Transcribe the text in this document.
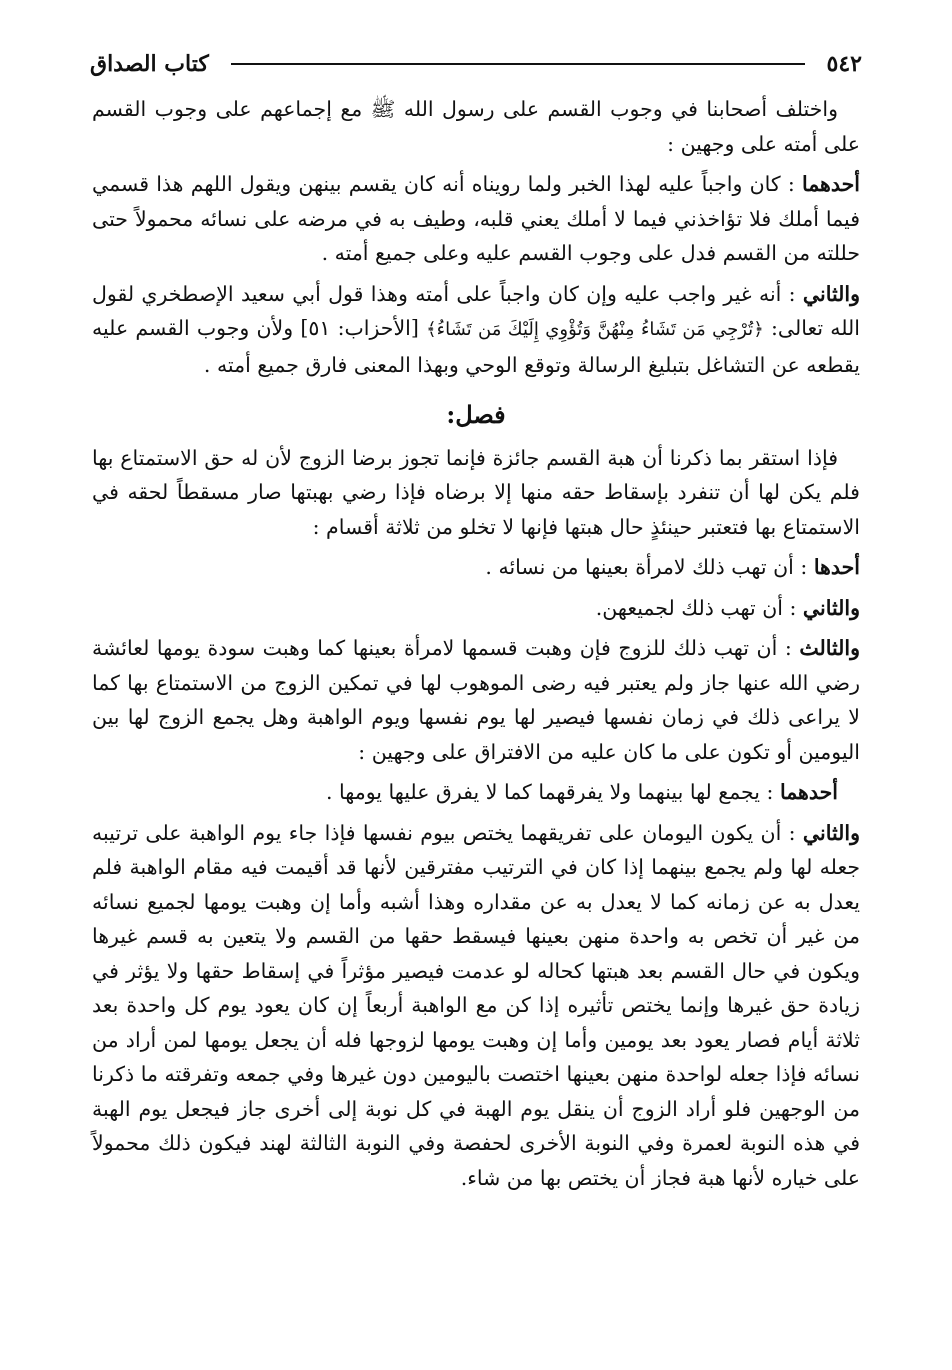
٥٤٢
كتاب الصداق

واختلف أصحابنا في وجوب القسم على رسول الله ﷺ مع إجماعهم على وجوب القسم على أمته على وجهين :

أحدهما : كان واجباً عليه لهذا الخبر ولما رويناه أنه كان يقسم بينهن ويقول اللهم هذا قسمي فيما أملك فلا تؤاخذني فيما لا أملك يعني قلبه، وطيف به في مرضه على نسائه محمولاً حتى حللته من القسم فدل على وجوب القسم عليه وعلى جميع أمته .

والثاني : أنه غير واجب عليه وإن كان واجباً على أمته وهذا قول أبي سعيد الإصطخري لقول الله تعالى: ﴿تُرْجِي مَن تَشَاءُ مِنْهُنَّ وَتُؤْوِي إِلَيْكَ مَن تَشَاءُ﴾ [الأحزاب: ٥١] ولأن وجوب القسم عليه يقطعه عن التشاغل بتبليغ الرسالة وتوقع الوحي وبهذا المعنى فارق جميع أمته .

فصل:

فإذا استقر بما ذكرنا أن هبة القسم جائزة فإنما تجوز برضا الزوج لأن له حق الاستمتاع بها فلم يكن لها أن تنفرد بإسقاط حقه منها إلا برضاه فإذا رضي بهبتها صار مسقطاً لحقه في الاستمتاع بها فتعتبر حينئذٍ حال هبتها فإنها لا تخلو من ثلاثة أقسام :

أحدها : أن تهب ذلك لامرأة بعينها من نسائه .

والثاني : أن تهب ذلك لجميعهن.

والثالث : أن تهب ذلك للزوج فإن وهبت قسمها لامرأة بعينها كما وهبت سودة يومها لعائشة رضي الله عنها جاز ولم يعتبر فيه رضى الموهوب لها في تمكين الزوج من الاستمتاع بها كما لا يراعى ذلك في زمان نفسها فيصير لها يوم نفسها ويوم الواهبة وهل يجمع الزوج لها بين اليومين أو تكون على ما كان عليه من الافتراق على وجهين :

أحدهما : يجمع لها بينهما ولا يفرقهما كما لا يفرق عليها يومها .

والثاني : أن يكون اليومان على تفريقهما يختص بيوم نفسها فإذا جاء يوم الواهبة على ترتيبه جعله لها ولم يجمع بينهما إذا كان في الترتيب مفترقين لأنها قد أقيمت فيه مقام الواهبة فلم يعدل به عن زمانه كما لا يعدل به عن مقداره وهذا أشبه وأما إن وهبت يومها لجميع نسائه من غير أن تخص به واحدة منهن بعينها فيسقط حقها من القسم ولا يتعين به قسم غيرها ويكون في حال القسم بعد هبتها كحاله لو عدمت فيصير مؤثراً في إسقاط حقها ولا يؤثر في زيادة حق غيرها وإنما يختص تأثيره إذا كن مع الواهبة أربعاً إن كان يعود يوم كل واحدة بعد ثلاثة أيام فصار يعود بعد يومين وأما إن وهبت يومها لزوجها فله أن يجعل يومها لمن أراد من نسائه فإذا جعله لواحدة منهن بعينها اختصت باليومين دون غيرها وفي جمعه وتفرقته ما ذكرنا من الوجهين فلو أراد الزوج أن ينقل يوم الهبة في كل نوبة إلى أخرى جاز فيجعل يوم الهبة في هذه النوبة لعمرة وفي النوبة الأخرى لحفصة وفي النوبة الثالثة لهند فيكون ذلك محمولاً على خياره لأنها هبة فجاز أن يختص بها من شاء.
